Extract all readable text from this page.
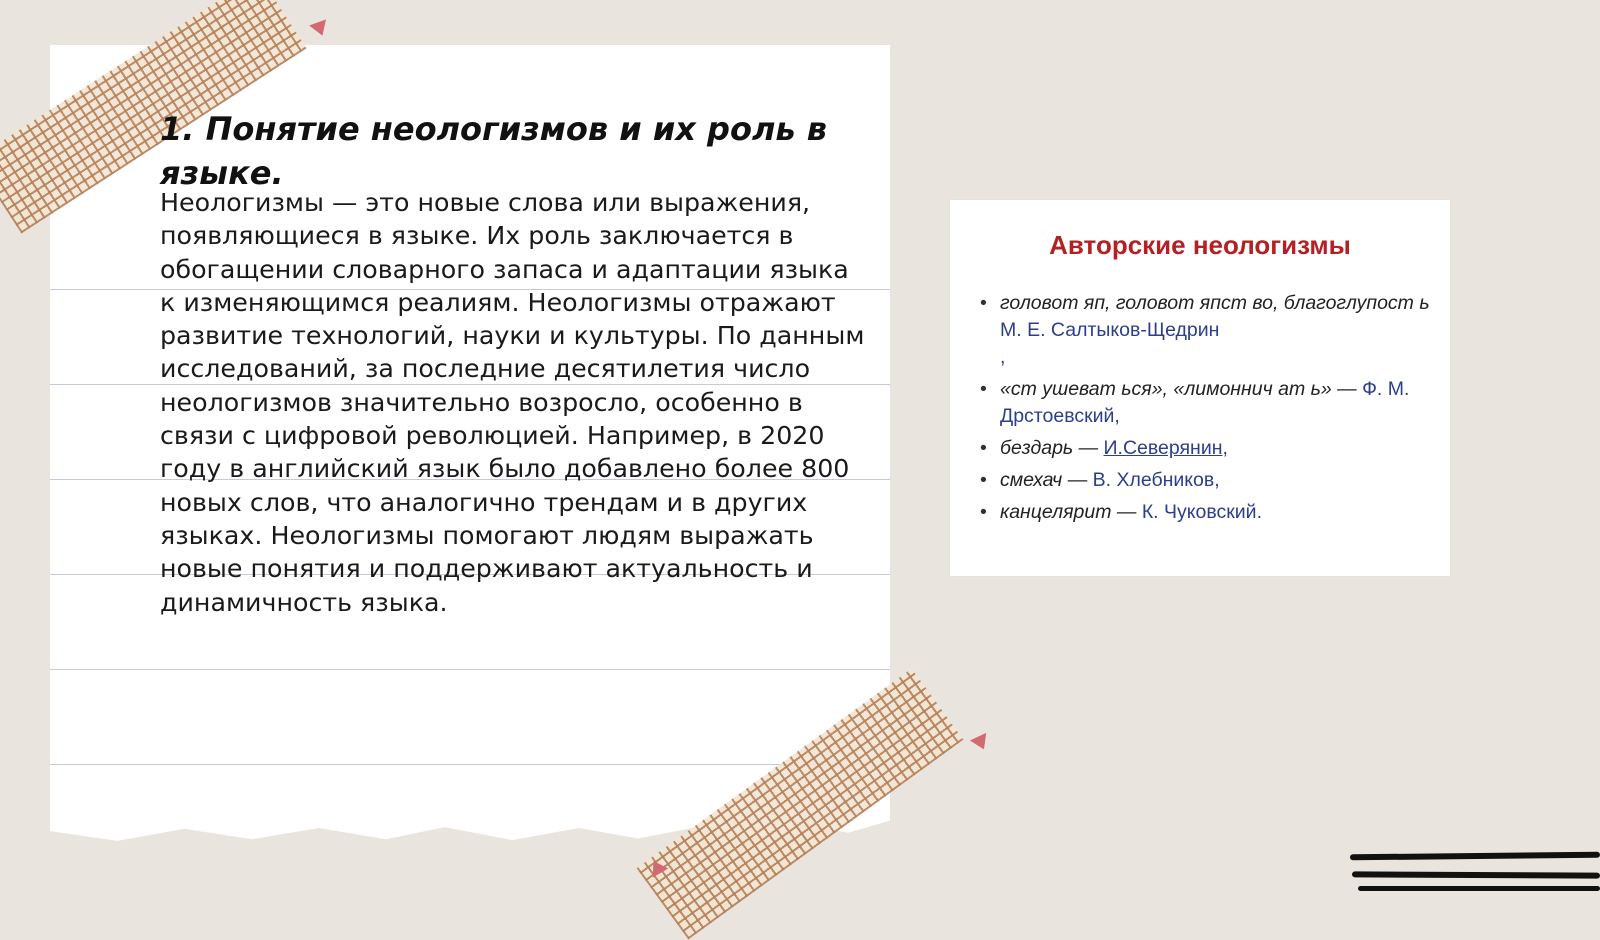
1. Понятие неологизмов и их роль в языке.

Неологизмы — это новые слова или выражения, появляющиеся в языке. Их роль заключается в обогащении словарного запаса и адаптации языка к изменяющимся реалиям. Неологизмы отражают развитие технологий, науки и культуры. По данным исследований, за последние десятилетия число неологизмов значительно возросло, особенно в связи с цифровой революцией. Например, в 2020 году в английский язык было добавлено более 800 новых слов, что аналогично трендам и в других языках. Неологизмы помогают людям выражать новые понятия и поддерживают актуальность и динамичность языка.

Авторские неологизмы
• головот яп, головот япст во, благоглупост ь М. Е. Салтыков-Щедрин
,
• «ст ушеват ься», «лимоннич ат ь» — Ф. М. Дрстоевский,
• бездарь — И.Северянин,
• смехач — В. Хлебников,
• канцелярит — К. Чуковский.
